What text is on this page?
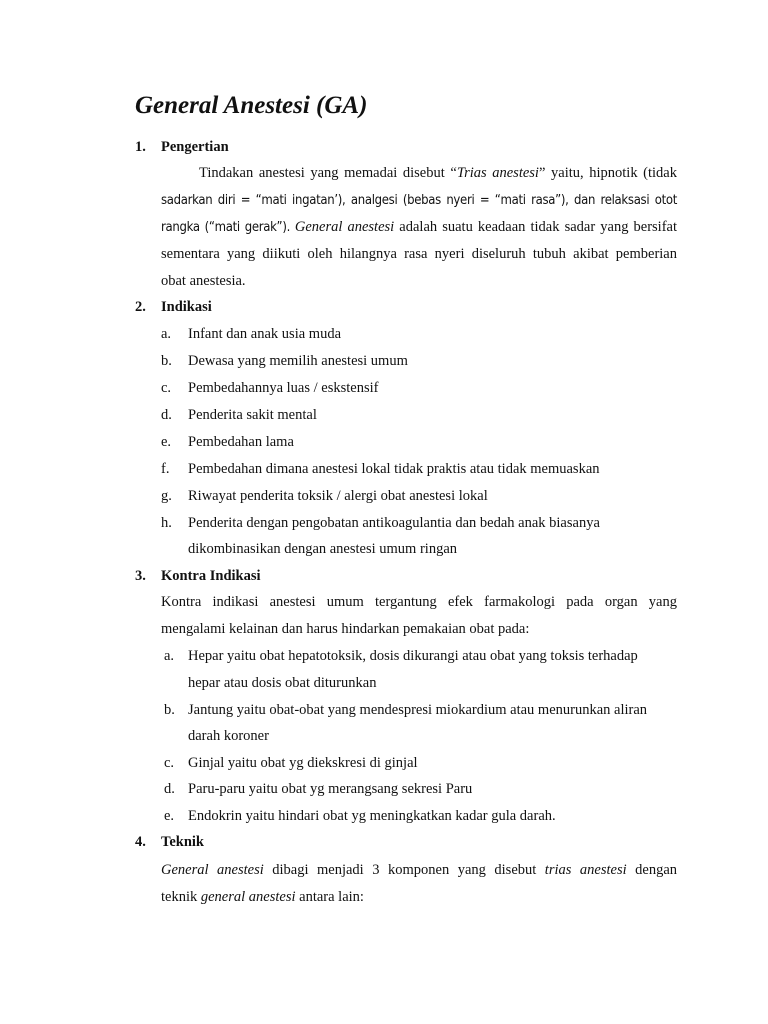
General Anestesi (GA)
1. Pengertian
Tindakan anestesi yang memadai disebut “Trias anestesi” yaitu, hipnotik (tidak
sadarkan diri = “mati ingatan’), analgesi (bebas nyeri = “mati rasa”), dan relaksasi otot
rangka (“mati gerak”). General anestesi adalah suatu keadaan tidak sadar yang bersifat
sementara yang diikuti oleh hilangnya rasa nyeri diseluruh tubuh akibat pemberian
obat anestesia.
2. Indikasi
a. Infant dan anak usia muda
b. Dewasa yang memilih anestesi umum
c. Pembedahannya luas / eskstensif
d. Penderita sakit mental
e. Pembedahan lama
f. Pembedahan dimana anestesi lokal tidak praktis atau tidak memuaskan
g. Riwayat penderita toksik / alergi obat anestesi lokal
h. Penderita dengan pengobatan antikoagulantia dan bedah anak biasanya
dikombinasikan dengan anestesi umum ringan
3. Kontra Indikasi
Kontra indikasi anestesi umum tergantung efek farmakologi pada organ yang
mengalami kelainan dan harus hindarkan pemakaian obat pada:
a. Hepar yaitu obat hepatotoksik, dosis dikurangi atau obat yang toksis terhadap
hepar atau dosis obat diturunkan
b. Jantung yaitu obat-obat yang mendespresi miokardium atau menurunkan aliran
darah koroner
c. Ginjal yaitu obat yg diekskresi di ginjal
d. Paru-paru yaitu obat yg merangsang sekresi Paru
e. Endokrin yaitu hindari obat yg meningkatkan kadar gula darah.
4. Teknik
General anestesi dibagi menjadi 3 komponen yang disebut trias anestesi dengan
teknik general anestesi antara lain:
